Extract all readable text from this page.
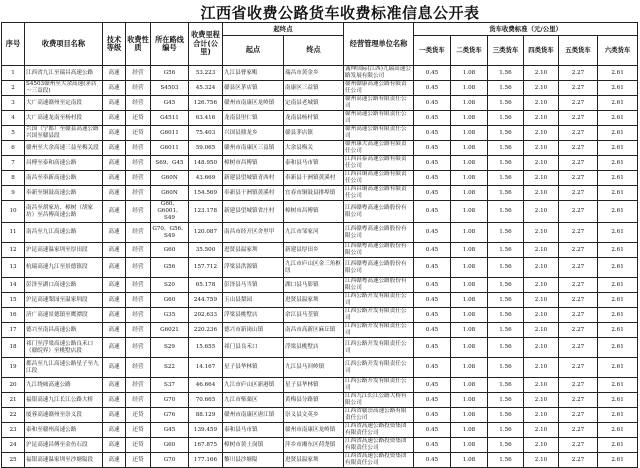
江西省收费公路货车收费标准信息公开表
序号	收费项目名称	技术等级	收费性质	所在路线编号	收费里程合计(公里)	起终点		经营管理单位名称	货车收费标准（元/公里）					
						起点	终点		一类货车	二类货车	三类货车	四类货车	五类货车	六类货车
1	江西省九江至瑞昌高速公路	高速	经营	G56	53.223	九江县曹家畈	瑞昌市黄金乡	诚坤国际(江西)九瑞高速公路发展有限公司	0.45	1.08	1.56	2.10	2.27	2.61
2	S4503赣州至大余高速(茅店～三益段)	高速	经营	S4503	45.324	赣县区茅店镇	南康区三益镇	赣州赣康高速公路有限责任公司	0.45	1.08	1.56	2.10	2.27	2.61
3	大广高速赣州至定南段	高速	经营	G45	126.756	赣州市南康区龙岭镇	定南县老城镇	赣州高速公路有限责任公司	0.45	1.08	1.56	2.10	2.27	2.61
4	大广高速龙南至杨村段	高速	还贷	G4511	63.416	龙南县里仁镇	龙南县杨村镇	赣州高速公路有限责任公司	0.45	1.08	1.56	2.10	2.27	2.61
5	兴国（宁都）至赣县高速公路兴国至赣县段	高速	还贷	G6011	75.403	兴国县鼎龙乡	赣县茅店镇	赣州高速公路有限责任公司	0.45	1.08	1.56	2.10	2.27	2.61
6	赣州至大余高速三益至梅关段	高速	经营	G6011	59.065	赣州市南康区三益镇	大余县梅关	赣州康大高速公路有限责任公司	0.45	1.08	1.56	2.10	2.27	2.61
7	昌傅至泰和高速公路	高速	经营	S69、G45	148.950	樟树市昌傅镇	泰和县马市镇	江西昌泰高速公路有限责任公司	0.45	1.08	1.56	2.10	2.27	2.61
8	南昌至奉新高速公路	高速	经营	G60N	43.669	新建县望城镇青西村	奉新县干洲镇黄溪村	江西昌铜高速公路有限责任公司	0.45	1.08	1.56	2.10	2.27	2.61
9	奉新至铜鼓高速公路	高速	经营	G60N	154.569	奉新县干洲镇黄溪村	宜春市铜鼓县排埠镇	江西昌铜高速公路有限责任公司	0.45	1.08	1.56	2.10	2.27	2.61
10	南昌至胡家坊、樟树（胡家坊）至昌傅高速公路	高速	经营	G60、G6001、S49	123.178	新建县望城镇省庄村	樟树市昌傅镇	江西赣粤高速公路股份有限公司	0.45	1.08	1.56	2.10	2.27	2.61
11	南昌至九江高速公路	高速	经营	G70、G56、S49	120.087	南昌市经开区舍里甲	九江市邹家河	江西赣粤高速公路股份有限公司	0.45	1.08	1.56	2.10	2.27	2.61
12	沪昆高速温家圳至厚田段	高速	经营	G60	35.500	进贤县温家圳	新建县厚田乡	江西赣粤高速公路股份有限公司	0.45	1.08	1.56	2.10	2.27	2.61
13	杭瑞高速九江至景德镇段	高速	经营	G56	157.712	浮梁县洪源镇	九江市庐山区金三角枢纽	江西赣粤高速公路股份有限公司	0.45	1.08	1.56	2.10	2.27	2.61
14	彭泽至湖口高速公路	高速	经营	S20	65.178	彭泽县马当镇	湖口县马影镇	江西赣粤高速公路股份有限公司	0.45	1.08	1.56	2.10	2.27	2.61
15	沪昆高速梨园至温家圳段	高速	经营	G60	244.759	玉山县梨园	进贤县温家圳	江西公路开发有限责任公司	0.45	1.08	1.56	2.10	2.27	2.61
16	济广高速景德镇至鹰潭段	高速	经营	G35	202.633	浮梁县桃墅店	余江县马荃镇	江西公路开发有限责任公司	0.45	1.08	1.56	2.10	2.27	2.61
17	德兴至南昌高速公路	高速	经营	G6021	220.236	德兴市新岗山镇	南昌市高新区麻丘镇	江西公路开发有限责任公司	0.45	1.08	1.56	2.10	2.27	2.61
18	祁门至浮梁高速公路良禾口（赣皖界）至桃墅店段	高速	经营	S29	15.655	祁门县良禾口	浮梁县桃墅店	江西公路开发有限责任公司	0.45	1.08	1.56	2.10	2.27	2.61
19	都昌至九江高速公路星子至九江段	高速	经营	S22	14.167	星子县华林镇	九江县马回岭镇	江西公路开发有限责任公司	0.45	1.08	1.56	2.10	2.27	2.61
20	九江绕城高速公路	高速	经营	S37	46.664	九江市庐山区新港镇	星子县华林镇	江西公路开发有限责任公司	0.45	1.08	1.56	2.10	2.27	2.61
21	福银高速九江长江公路大桥	高速	经营	G70	70.665	九江市柴桑区	黄梅县分路镇	江西九江长江公路大桥有限公司	0.45	1.08	1.56	2.10	2.27	2.61
22	厦蓉高速赣州至崇义段	高速	还贷	G76	88.129	赣州市南康区唐江镇	崇义县文英乡	江西省赣崇高速公路有限责任公司	0.45	1.08	1.56	2.10	2.27	2.61
23	泰和至赣州高速公路	高速	还贷	G45	139.459	泰和县马市镇	赣州市南康区龙岭镇	江西省高速公路投资集团有限责任公司	0.45	1.08	1.56	2.10	2.27	2.61
24	沪昆高速昌傅至金鱼石段	高速	还贷	G60	167.875	樟树市黄土岗镇	萍乡市湘东区荷尧镇	江西省高速公路投资集团有限责任公司	0.45	1.08	1.56	2.10	2.27	2.61
25	福银高速温家圳至沙塘隘段	高速	还贷	G70	177.166	黎川县沙塘隘	进贤县温家圳	江西省高速公路投资集团有限责任公司	0.45	1.08	1.56	2.10	2.27	2.61
